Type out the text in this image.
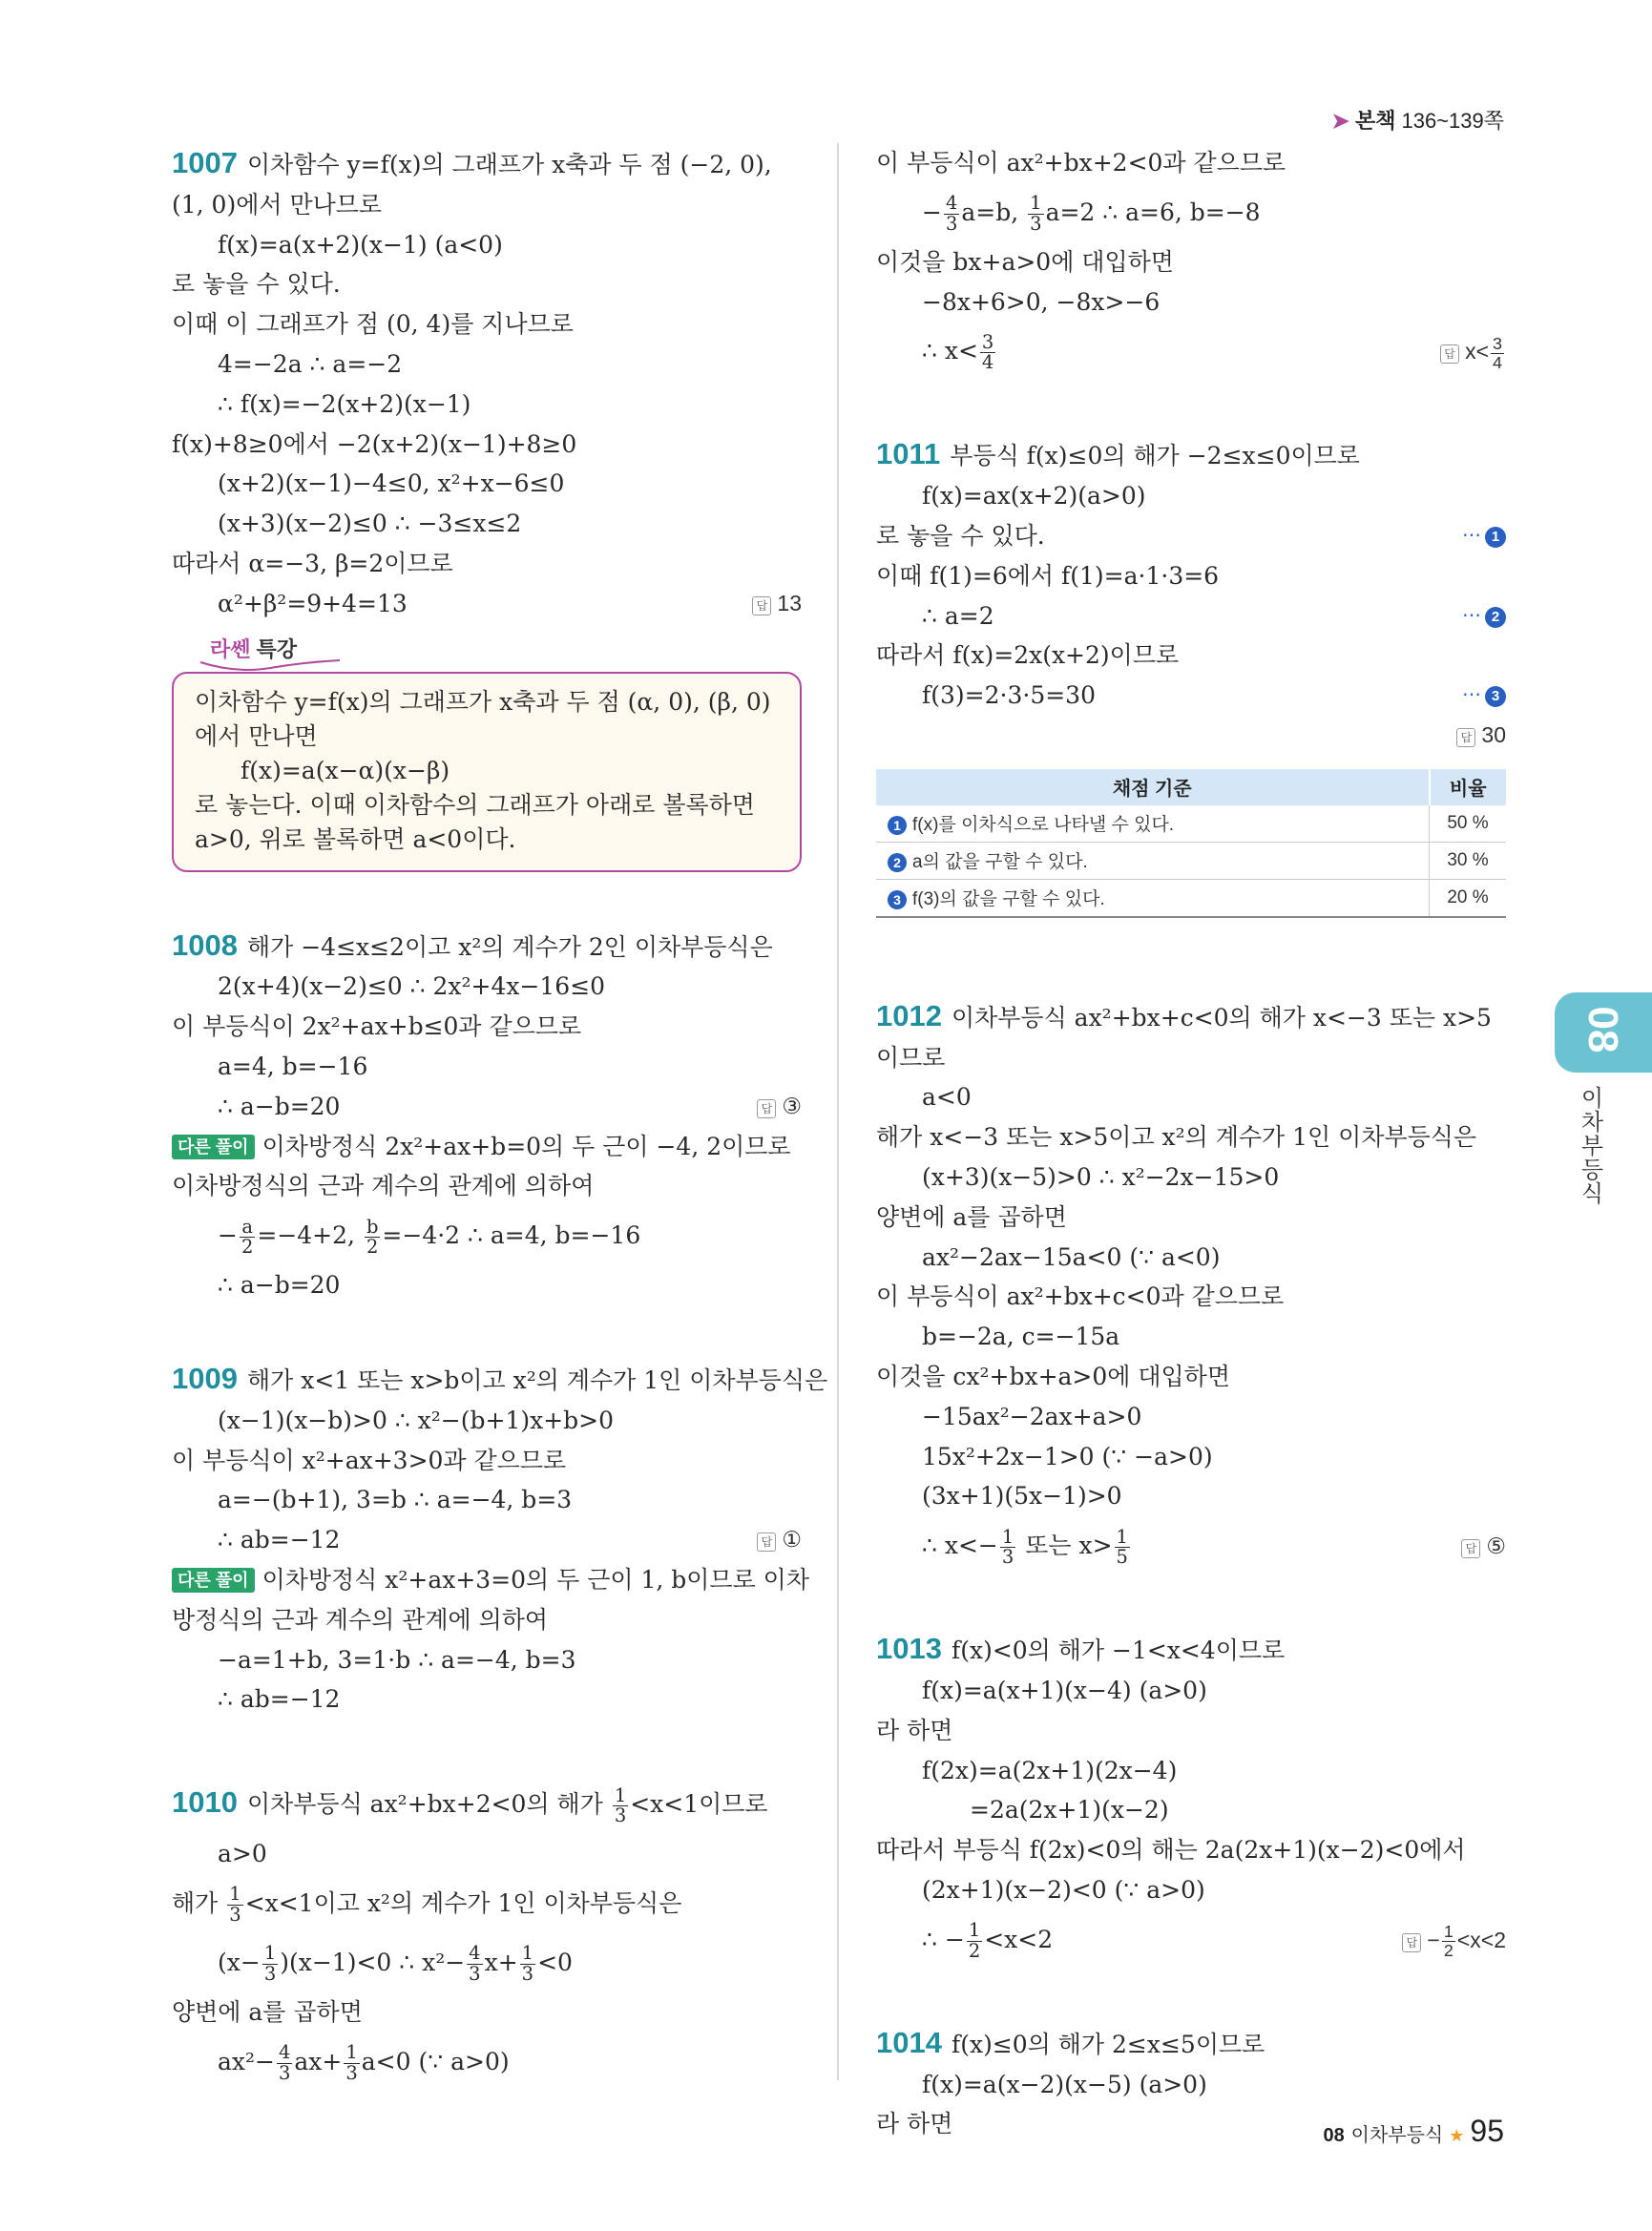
➤ 본책 136~139쪽
1007 이차함수 y=f(x)의 그래프가 x축과 두 점 (−2, 0),
(1, 0)에서 만나므로
f(x)=a(x+2)(x−1) (a<0)
로 놓을 수 있다.
이때 이 그래프가 점 (0, 4)를 지나므로
4=−2a ∴ a=−2
∴ f(x)=−2(x+2)(x−1)
f(x)+8≥0에서 −2(x+2)(x−1)+8≥0
(x+2)(x−1)−4≤0, x²+x−6≤0
(x+3)(x−2)≤0 ∴ −3≤x≤2
따라서 α=−3, β=2이므로
α²+β²=9+4=13	답 13
라쎈 특강
이차함수 y=f(x)의 그래프가 x축과 두 점 (α, 0), (β, 0)에서 만나면
f(x)=a(x−α)(x−β)
로 놓는다. 이때 이차함수의 그래프가 아래로 볼록하면 a>0, 위로 볼록하면 a<0이다.
1008 해가 −4≤x≤2이고 x²의 계수가 2인 이차부등식은
2(x+4)(x−2)≤0 ∴ 2x²+4x−16≤0
이 부등식이 2x²+ax+b≤0과 같으므로
a=4, b=−16
∴ a−b=20	답 ③
다른 풀이 이차방정식 2x²+ax+b=0의 두 근이 −4, 2이므로
이차방정식의 근과 계수의 관계에 의하여
− $\frac{a}{2} =-4+2$, $\frac{b}{2} =-4\cdot 2$ ∴ a=4, b=−16
∴ a−b=20
1009 해가 x<1 또는 x>b이고 x²의 계수가 1인 이차부등식은
(x−1)(x−b)>0 ∴ x²−(b+1)x+b>0
이 부등식이 x²+ax+3>0과 같으므로
a=−(b+1), 3=b ∴ a=−4, b=3
∴ ab=−12	답 ①
다른 풀이 이차방정식 x²+ax+3=0의 두 근이 1, b이므로 이차
방정식의 근과 계수의 관계에 의하여
−a=1+b, 3=1·b ∴ a=−4, b=3
∴ ab=−12
1010 이차부등식 ax²+bx+2<0의 해가 $\frac{1}{3} <x<1$이므로
a>0
해가 $\frac{1}{3} <x<1$이고 x²의 계수가 1인 이차부등식은
$(x- \frac{1}{3} )(x-1)<0$ ∴ $x^2- \frac{4}{3} x+ \frac{1}{3} <0$
양변에 a를 곱하면
$ax^2- \frac{4}{3} ax+ \frac{1}{3} a<0$ (∵ a>0)
이 부등식이 ax²+bx+2<0과 같으므로
− $\frac{4}{3} a=b$, $\frac{1}{3} a=2$ ∴ a=6, b=−8
이것을 bx+a>0에 대입하면
−8x+6>0, −8x>−6
∴ $x< \frac{3}{4}$	답 $x< \frac{3}{4}$
1011 부등식 f(x)≤0의 해가 −2≤x≤0이므로
f(x)=ax(x+2)(a>0)
로 놓을 수 있다.	⋯ 1
이때 f(1)=6에서 f(1)=a·1·3=6
∴ a=2	⋯ 2
따라서 f(x)=2x(x+2)이므로
f(3)=2·3·5=30	⋯ 3
답 30

채점 기준	비율
1 f(x)를 이차식으로 나타낼 수 있다.	50 %
2 a의 값을 구할 수 있다.	30 %
3 f(3)의 값을 구할 수 있다.	20 %
1012 이차부등식 ax²+bx+c<0의 해가 x<−3 또는 x>5
이므로
a<0
해가 x<−3 또는 x>5이고 x²의 계수가 1인 이차부등식은
(x+3)(x−5)>0 ∴ x²−2x−15>0
양변에 a를 곱하면
ax²−2ax−15a<0 (∵ a<0)
이 부등식이 ax²+bx+c<0과 같으므로
b=−2a, c=−15a
이것을 cx²+bx+a>0에 대입하면
−15ax²−2ax+a>0
15x²+2x−1>0 (∵ −a>0)
(3x+1)(5x−1)>0
∴ $x<- \frac{1}{3}$ 또는 $x> \frac{1}{5}$	답 ⑤
1013 f(x)<0의 해가 −1<x<4이므로
f(x)=a(x+1)(x−4) (a>0)
라 하면
f(2x)=a(2x+1)(2x−4)
=2a(2x+1)(x−2)
따라서 부등식 f(2x)<0의 해는 2a(2x+1)(x−2)<0에서
(2x+1)(x−2)<0 (∵ a>0)
∴ − $\frac{1}{2} <x<2$	답 − $\frac{1}{2} <x<2$
1014 f(x)≤0의 해가 2≤x≤5이므로
f(x)=a(x−2)(x−5) (a>0)
라 하면
08
이차부등식
08 이차부등식 ★ 95
